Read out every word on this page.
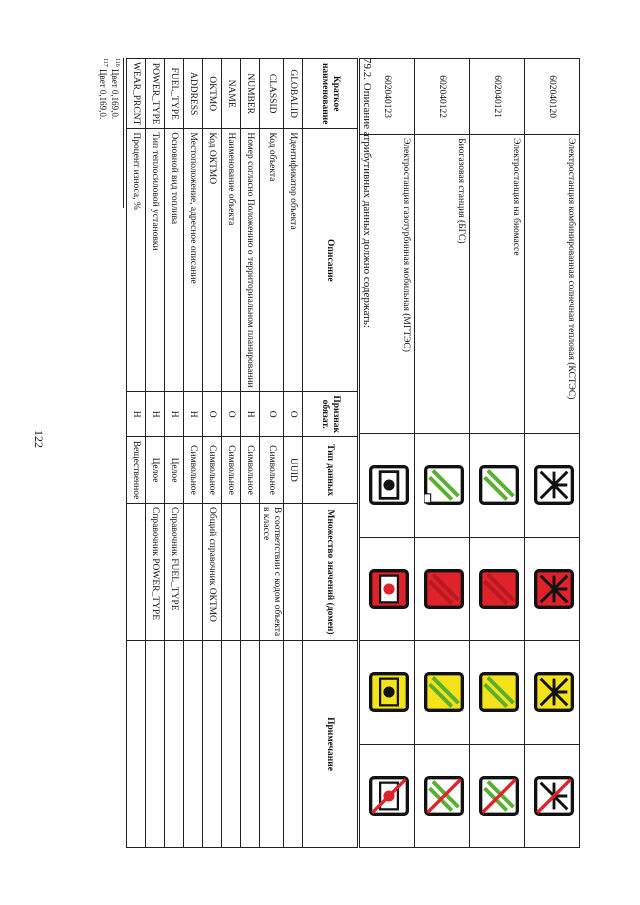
122
602040120	Электростанция комбинированная солнечная тепловая (КСТЭС)				
602040121	Электростанция на биомассе				
602040122	Биогазовая станция (БГС)				
602040123	Электростанция газотурбинная мобильная (МГТЭС)				
79.2. Описание атрибутивных данных должно содержать:
Краткое наименование	Описание	Признак обязат.	Тип данных	Множество значений (домен)	Примечание
GLOBALID	Идентификатор объекта	О	UUID		
CLASSID	Код объекта	О	Символьное	В соответствии с кодом объекта в классе	
NUMBER	Номер согласно Положению о территориальном планировании	Н	Символьное		
NAME	Наименование объекта	О	Символьное		
OKTMO	Код ОКТМО	О	Символьное	Общий справочник ОКТМО	
ADDRESS	Местоположение, адресное описание	Н	Символьное		
FUEL_TYPE	Основной вид топлива	Н	Целое	Справочник FUEL_TYPE	
POWER_TYPE	Тип теплосиловой установки	Н	Целое	Справочник POWER_TYPE	
WEAR_PRCNT	Процент износа, %	Н	Вещественное		
$^{116}$ Цвет 0,169,0.
$^{117}$ Цвет 0,169,0.
